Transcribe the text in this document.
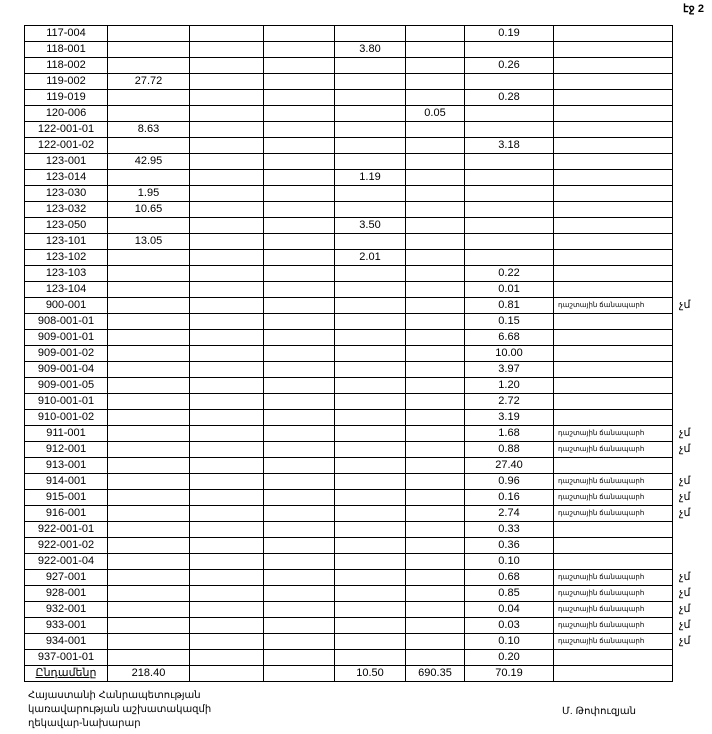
էջ 2
117-004						0.19		
118-001				3.80				
118-002						0.26		
119-002	27.72							
119-019						0.28		
120-006					0.05			
122-001-01	8.63							
122-001-02						3.18		
123-001	42.95							
123-014				1.19				
123-030	1.95							
123-032	10.65							
123-050				3.50				
123-101	13.05							
123-102				2.01				
123-103						0.22		
123-104						0.01		
900-001						0.81	դաշտային ճանապարհ	չմ
908-001-01						0.15		
909-001-01						6.68		
909-001-02						10.00		
909-001-04						3.97		
909-001-05						1.20		
910-001-01						2.72		
910-001-02						3.19		
911-001						1.68	դաշտային ճանապարհ	չմ
912-001						0.88	դաշտային ճանապարհ	չմ
913-001						27.40		
914-001						0.96	դաշտային ճանապարհ	չմ
915-001						0.16	դաշտային ճանապարհ	չմ
916-001						2.74	դաշտային ճանապարհ	չմ
922-001-01						0.33		
922-001-02						0.36		
922-001-04						0.10		
927-001						0.68	դաշտային ճանապարհ	չմ
928-001						0.85	դաշտային ճանապարհ	չմ
932-001						0.04	դաշտային ճանապարհ	չմ
933-001						0.03	դաշտային ճանապարհ	չմ
934-001						0.10	դաշտային ճանապարհ	չմ
937-001-01						0.20		
Ընդամենը	218.40			10.50	690.35	70.19		
Հայաստանի Հանրապետության
կառավարության աշխատակազմի
ղեկավար-նախարար
Մ. Թոփուզյան
